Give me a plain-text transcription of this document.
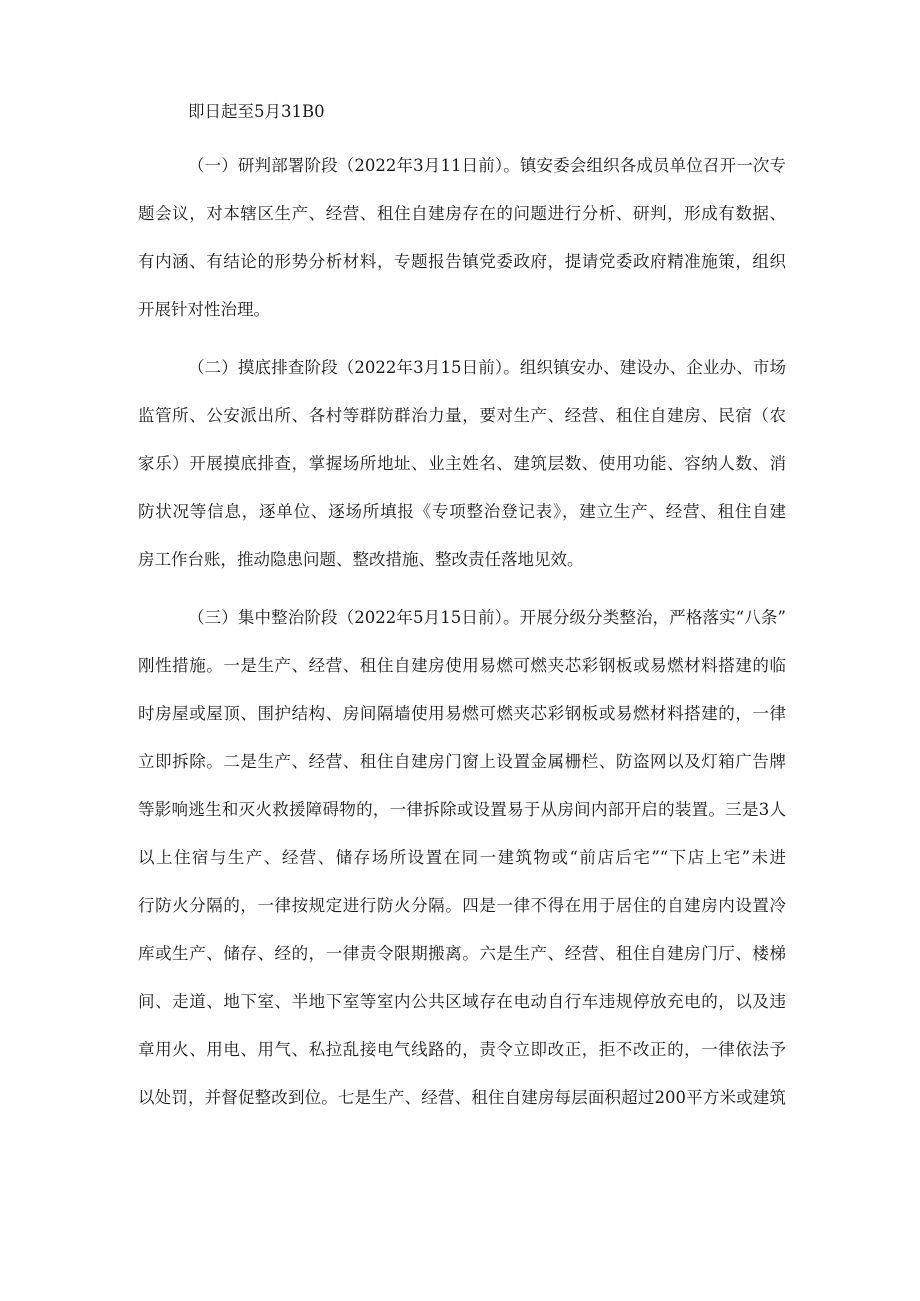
即日起至5月31B0
（一）研判部署阶段（2022年3月11日前）。镇安委会组织各成员单位召开一次专
题会议，对本辖区生产、经营、租住自建房存在的问题进行分析、研判，形成有数据、
有内涵、有结论的形势分析材料，专题报告镇党委政府，提请党委政府精准施策，组织
开展针对性治理。
（二）摸底排查阶段（2022年3月15日前）。组织镇安办、建设办、企业办、市场
监管所、公安派出所、各村等群防群治力量，要对生产、经营、租住自建房、民宿（农
家乐）开展摸底排查，掌握场所地址、业主姓名、建筑层数、使用功能、容纳人数、消
防状况等信息，逐单位、逐场所填报《专项整治登记表》，建立生产、经营、租住自建
房工作台账，推动隐患问题、整改措施、整改责任落地见效。
（三）集中整治阶段（2022年5月15日前）。开展分级分类整治，严格落实“八条”
刚性措施。一是生产、经营、租住自建房使用易燃可燃夹芯彩钢板或易燃材料搭建的临
时房屋或屋顶、围护结构、房间隔墙使用易燃可燃夹芯彩钢板或易燃材料搭建的，一律
立即拆除。二是生产、经营、租住自建房门窗上设置金属栅栏、防盗网以及灯箱广告牌
等影响逃生和灭火救援障碍物的，一律拆除或设置易于从房间内部开启的装置。三是3人
以上住宿与生产、经营、储存场所设置在同一建筑物或“前店后宅”“下店上宅”未进
行防火分隔的，一律按规定进行防火分隔。四是一律不得在用于居住的自建房内设置冷
库或生产、储存、经的，一律责令限期搬离。六是生产、经营、租住自建房门厅、楼梯
间、走道、地下室、半地下室等室内公共区域存在电动自行车违规停放充电的，以及违
章用火、用电、用气、私拉乱接电气线路的，责令立即改正，拒不改正的，一律依法予
以处罚，并督促整改到位。七是生产、经营、租住自建房每层面积超过200平方米或建筑
